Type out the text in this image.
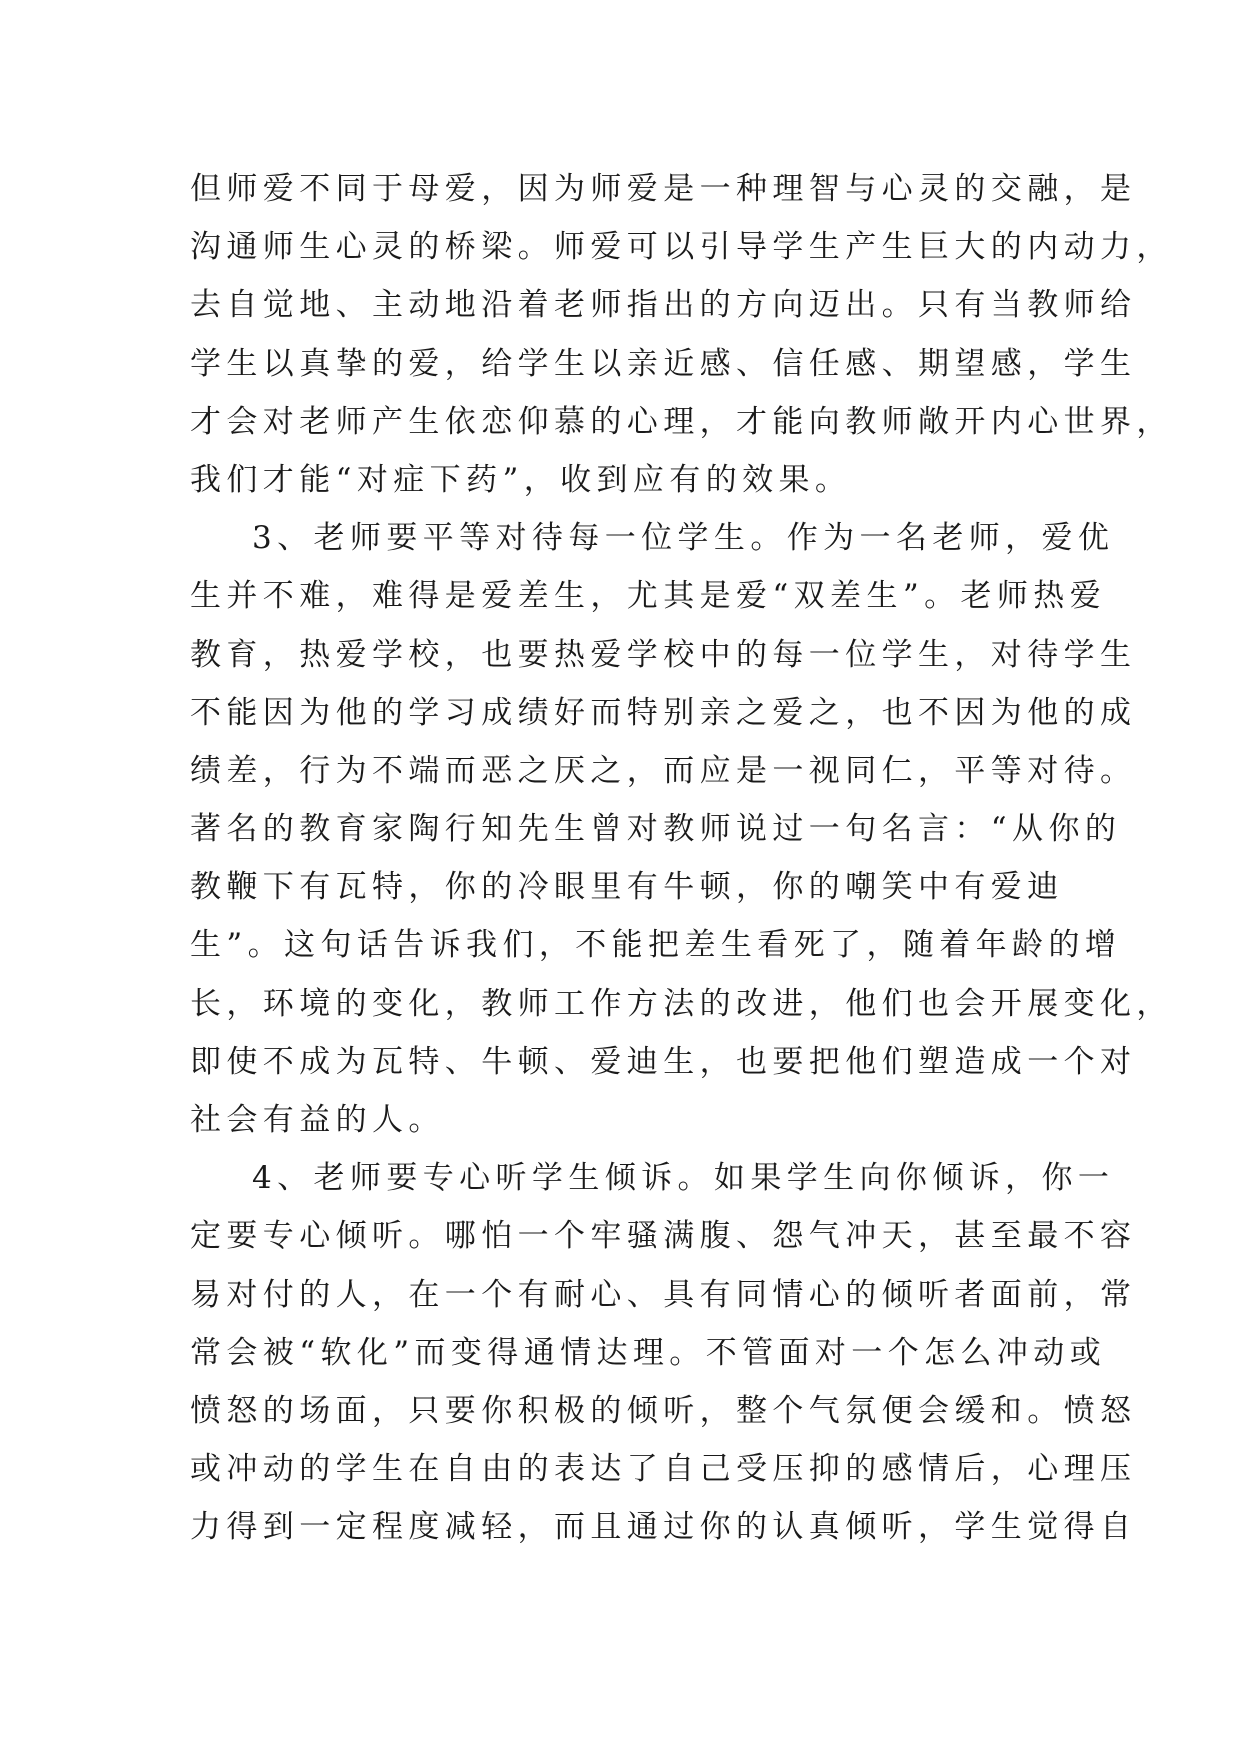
但师爱不同于母爱，因为师爱是一种理智与心灵的交融，是
沟通师生心灵的桥梁。师爱可以引导学生产生巨大的内动力，
去自觉地、主动地沿着老师指出的方向迈出。只有当教师给
学生以真挚的爱，给学生以亲近感、信任感、期望感，学生
才会对老师产生依恋仰慕的心理，才能向教师敞开内心世界，
我们才能“对症下药”，收到应有的效果。
3、老师要平等对待每一位学生。作为一名老师，爱优
生并不难，难得是爱差生，尤其是爱“双差生”。老师热爱
教育，热爱学校，也要热爱学校中的每一位学生，对待学生
不能因为他的学习成绩好而特别亲之爱之，也不因为他的成
绩差，行为不端而恶之厌之，而应是一视同仁，平等对待。
著名的教育家陶行知先生曾对教师说过一句名言：“从你的
教鞭下有瓦特，你的冷眼里有牛顿，你的嘲笑中有爱迪
生”。这句话告诉我们，不能把差生看死了，随着年龄的增
长，环境的变化，教师工作方法的改进，他们也会开展变化，
即使不成为瓦特、牛顿、爱迪生，也要把他们塑造成一个对
社会有益的人。
4、老师要专心听学生倾诉。如果学生向你倾诉，你一
定要专心倾听。哪怕一个牢骚满腹、怨气冲天，甚至最不容
易对付的人，在一个有耐心、具有同情心的倾听者面前，常
常会被“软化”而变得通情达理。不管面对一个怎么冲动或
愤怒的场面，只要你积极的倾听，整个气氛便会缓和。愤怒
或冲动的学生在自由的表达了自己受压抑的感情后，心理压
力得到一定程度减轻，而且通过你的认真倾听，学生觉得自
